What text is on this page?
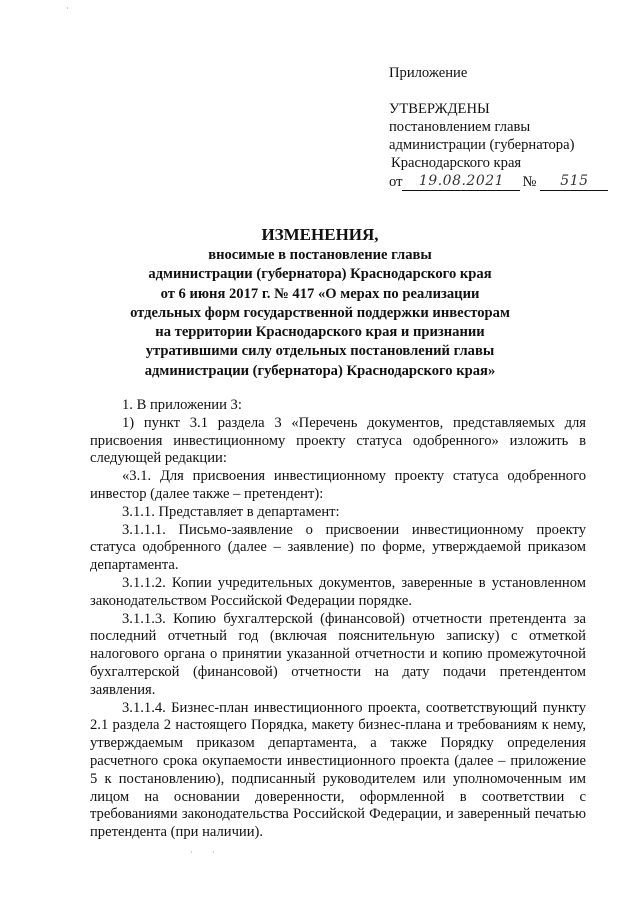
Приложение
УТВЕРЖДЕНЫ
постановлением главы
администрации (губернатора)
Краснодарского края
от	19.08.2021	№	515
ИЗМЕНЕНИЯ,
вносимые в постановление главы
администрации (губернатора) Краснодарского края
от 6 июня 2017 г. № 417 «О мерах по реализации
отдельных форм государственной поддержки инвесторам
на территории Краснодарского края и признании
утратившими силу отдельных постановлений главы
администрации (губернатора) Краснодарского края»

1. В приложении 3:

1) пункт 3.1 раздела 3 «Перечень документов, представляемых для присвоения инвестиционному проекту статуса одобренного» изложить в следующей редакции:

«3.1. Для присвоения инвестиционному проекту статуса одобренного инвестор (далее также – претендент):

3.1.1. Представляет в департамент:

3.1.1.1. Письмо-заявление о присвоении инвестиционному проекту статуса одобренного (далее – заявление) по форме, утверждаемой приказом департамента.

3.1.1.2. Копии учредительных документов, заверенные в установленном законодательством Российской Федерации порядке.

3.1.1.3. Копию бухгалтерской (финансовой) отчетности претендента за последний отчетный год (включая пояснительную записку) с отметкой налогового органа о принятии указанной отчетности и копию промежуточной бухгалтерской (финансовой) отчетности на дату подачи претендентом заявления.

3.1.1.4. Бизнес-план инвестиционного проекта, соответствующий пункту 2.1 раздела 2 настоящего Порядка, макету бизнес-плана и требованиям к нему, утверждаемым приказом департамента, а также Порядку определения расчетного срока окупаемости инвестиционного проекта (далее – приложение 5 к постановлению), подписанный руководителем или уполномоченным им лицом на основании доверенности, оформленной в соответствии с требованиями законодательства Российской Федерации, и заверенный печатью претендента (при наличии).

·
· ·
